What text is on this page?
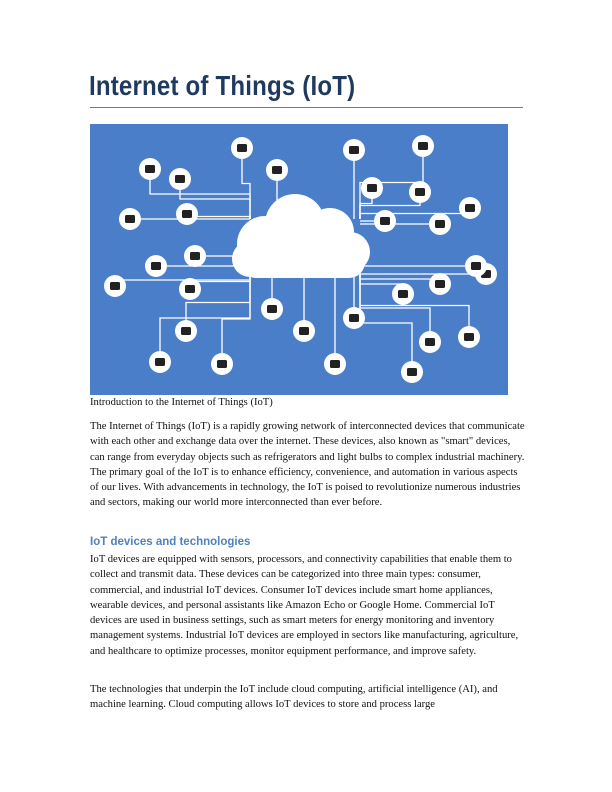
Internet of Things (IoT)
Introduction to the Internet of Things (IoT)
The Internet of Things (IoT) is a rapidly growing network of interconnected devices that communicate with each other and exchange data over the internet. These devices, also known as "smart" devices, can range from everyday objects such as refrigerators and light bulbs to complex industrial machinery. The primary goal of the IoT is to enhance efficiency, convenience, and automation in various aspects of our lives. With advancements in technology, the IoT is poised to revolutionize numerous industries and sectors, making our world more interconnected than ever before.
IoT devices and technologies
IoT devices are equipped with sensors, processors, and connectivity capabilities that enable them to collect and transmit data. These devices can be categorized into three main types: consumer, commercial, and industrial IoT devices. Consumer IoT devices include smart home appliances, wearable devices, and personal assistants like Amazon Echo or Google Home. Commercial IoT devices are used in business settings, such as smart meters for energy monitoring and inventory management systems. Industrial IoT devices are employed in sectors like manufacturing, agriculture, and healthcare to optimize processes, monitor equipment performance, and improve safety.
The technologies that underpin the IoT include cloud computing, artificial intelligence (AI), and machine learning. Cloud computing allows IoT devices to store and process large
